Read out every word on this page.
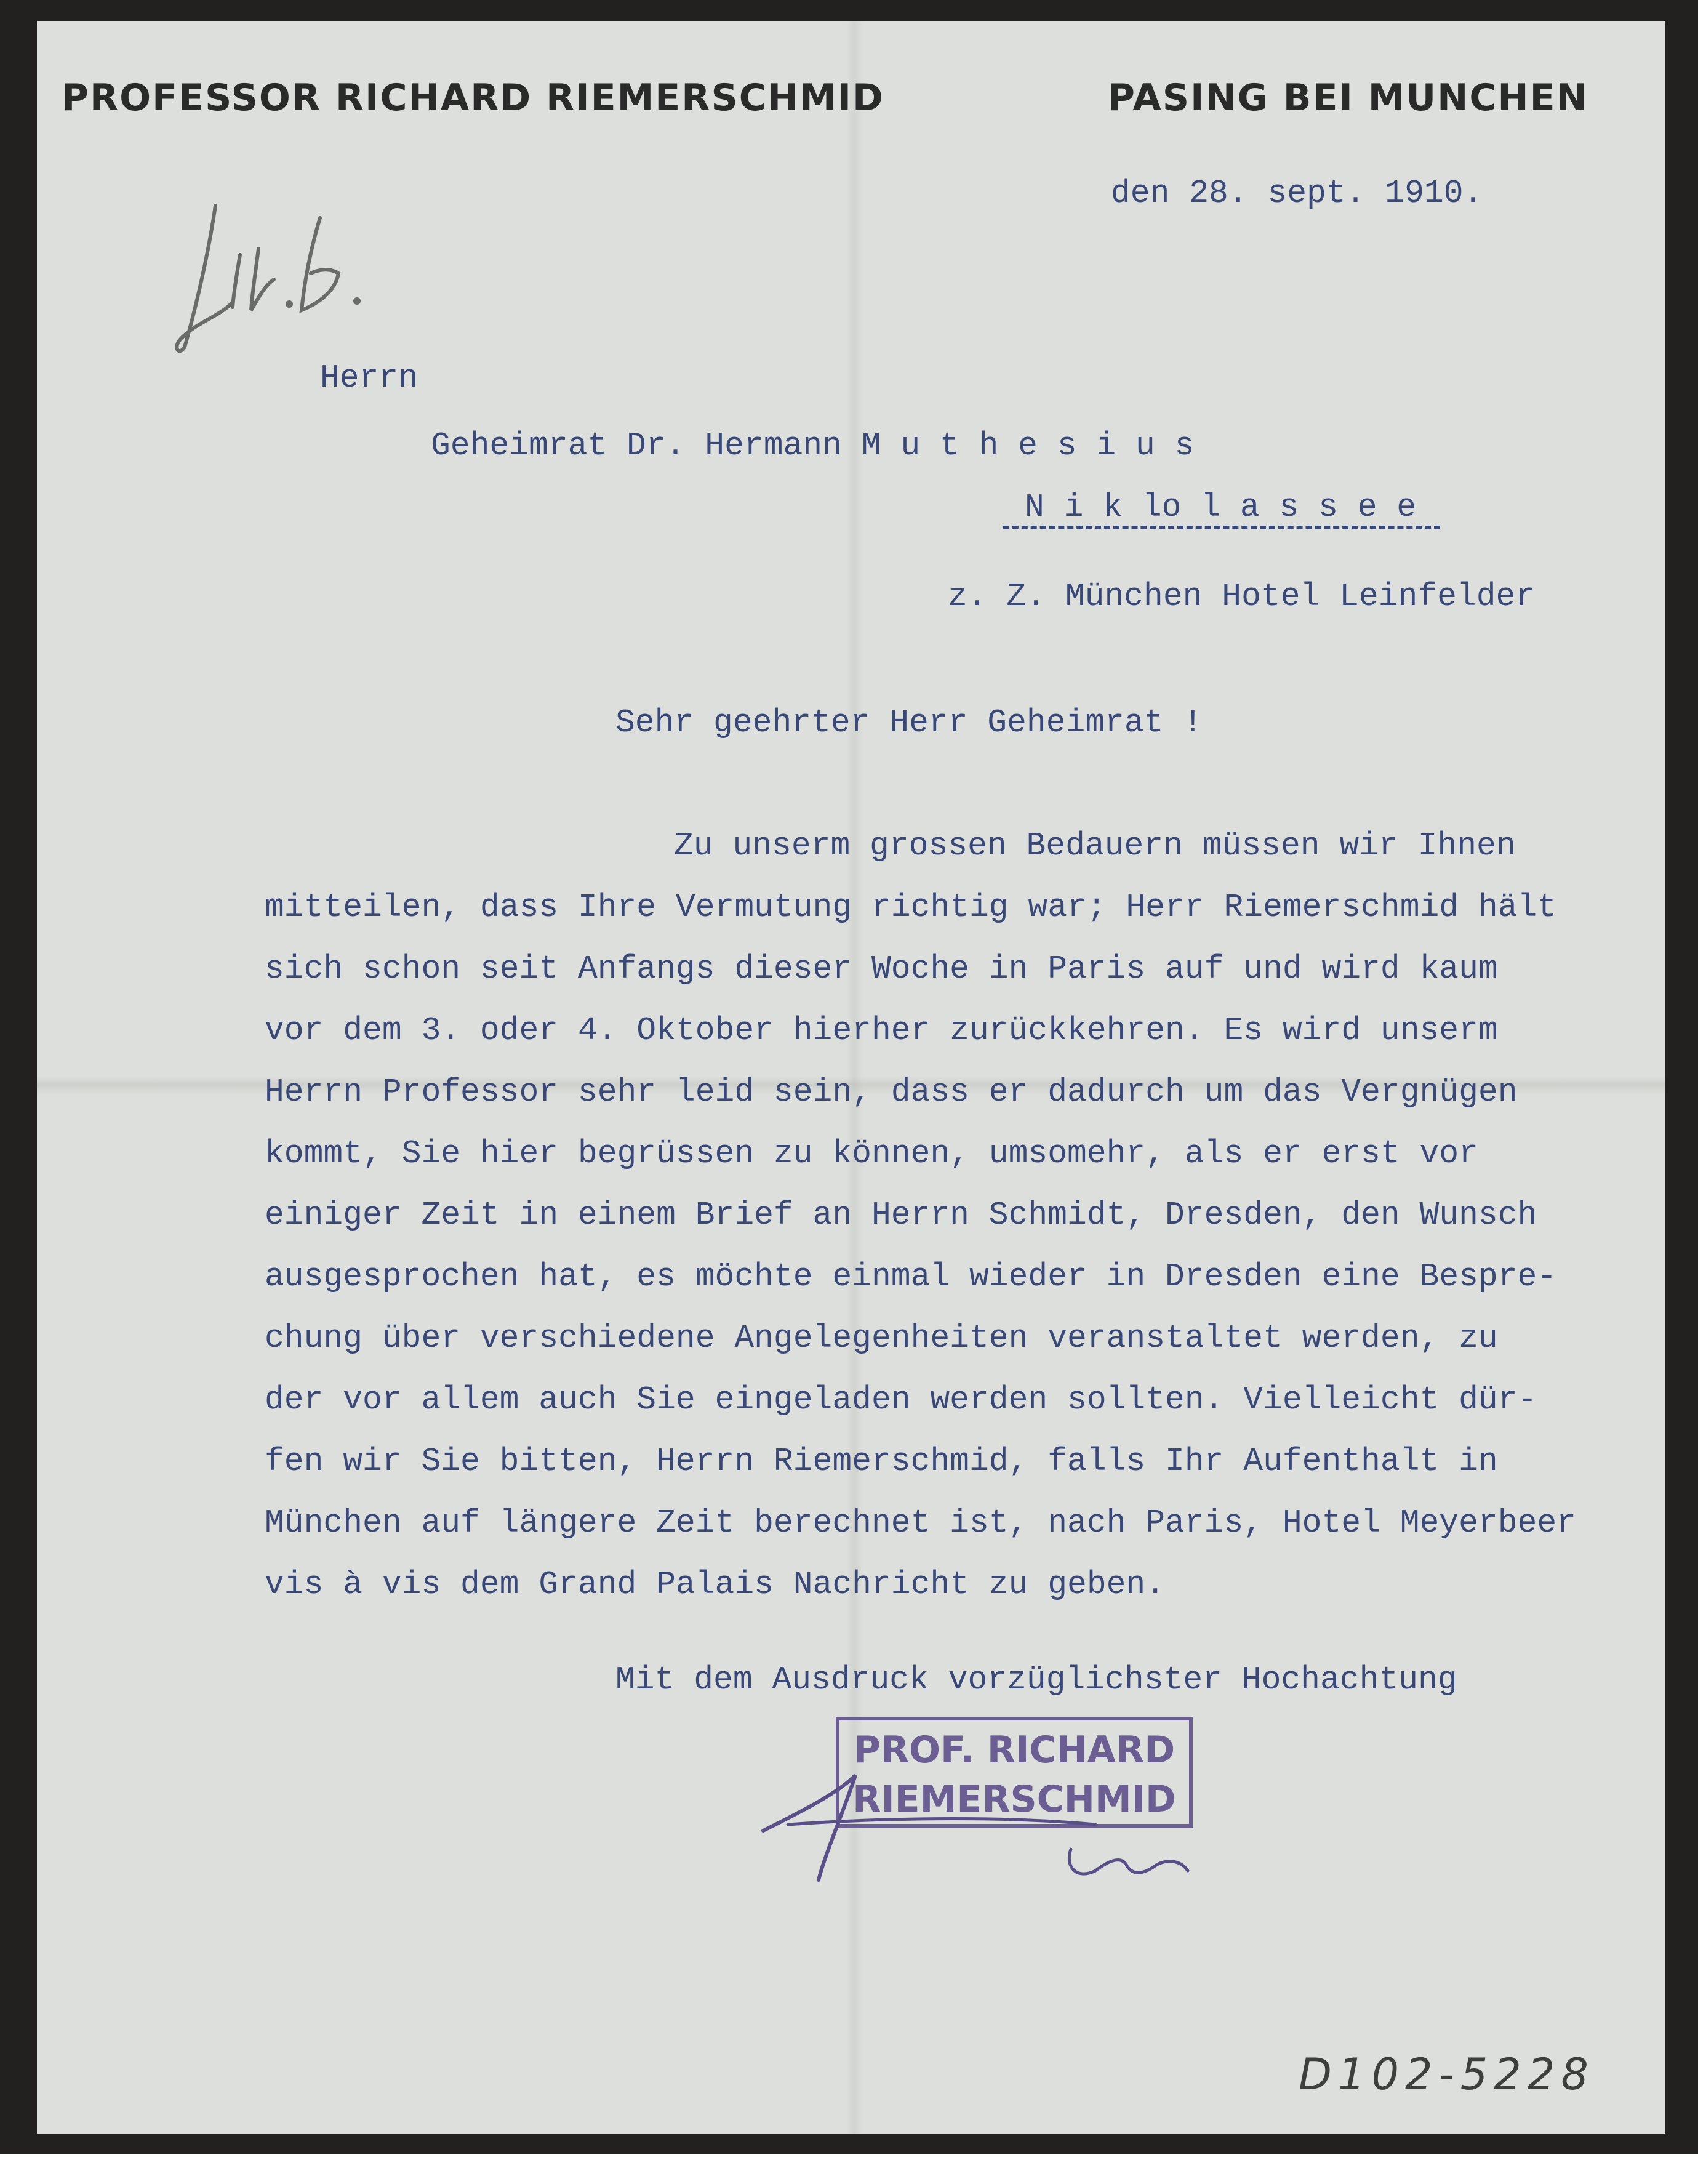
PROFESSOR RICHARD RIEMERSCHMID	PASING BEI MUNCHEN
den 28. sept. 1910.
Herrn
Geheimrat Dr. Hermann M u t h e s i u s
N i k lo l a s s e e
z. Z. München Hotel Leinfelder
Sehr geehrter Herr Geheimrat !
Zu unserm grossen Bedauern müssen wir Ihnen
mitteilen, dass Ihre Vermutung richtig war; Herr Riemerschmid hält
sich schon seit Anfangs dieser Woche in Paris auf und wird kaum
vor dem 3. oder 4. Oktober hierher zurückkehren. Es wird unserm
Herrn Professor sehr leid sein, dass er dadurch um das Vergnügen
kommt, Sie hier begrüssen zu können, umsomehr, als er erst vor
einiger Zeit in einem Brief an Herrn Schmidt, Dresden, den Wunsch
ausgesprochen hat, es möchte einmal wieder in Dresden eine Bespre-
chung über verschiedene Angelegenheiten veranstaltet werden, zu
der vor allem auch Sie eingeladen werden sollten. Vielleicht dür-
fen wir Sie bitten, Herrn Riemerschmid, falls Ihr Aufenthalt in
München auf längere Zeit berechnet ist, nach Paris, Hotel Meyerbeer
vis à vis dem Grand Palais Nachricht zu geben.
Mit dem Ausdruck vorzüglichster Hochachtung
PROF. RICHARD
RIEMERSCHMID
D102-5228
